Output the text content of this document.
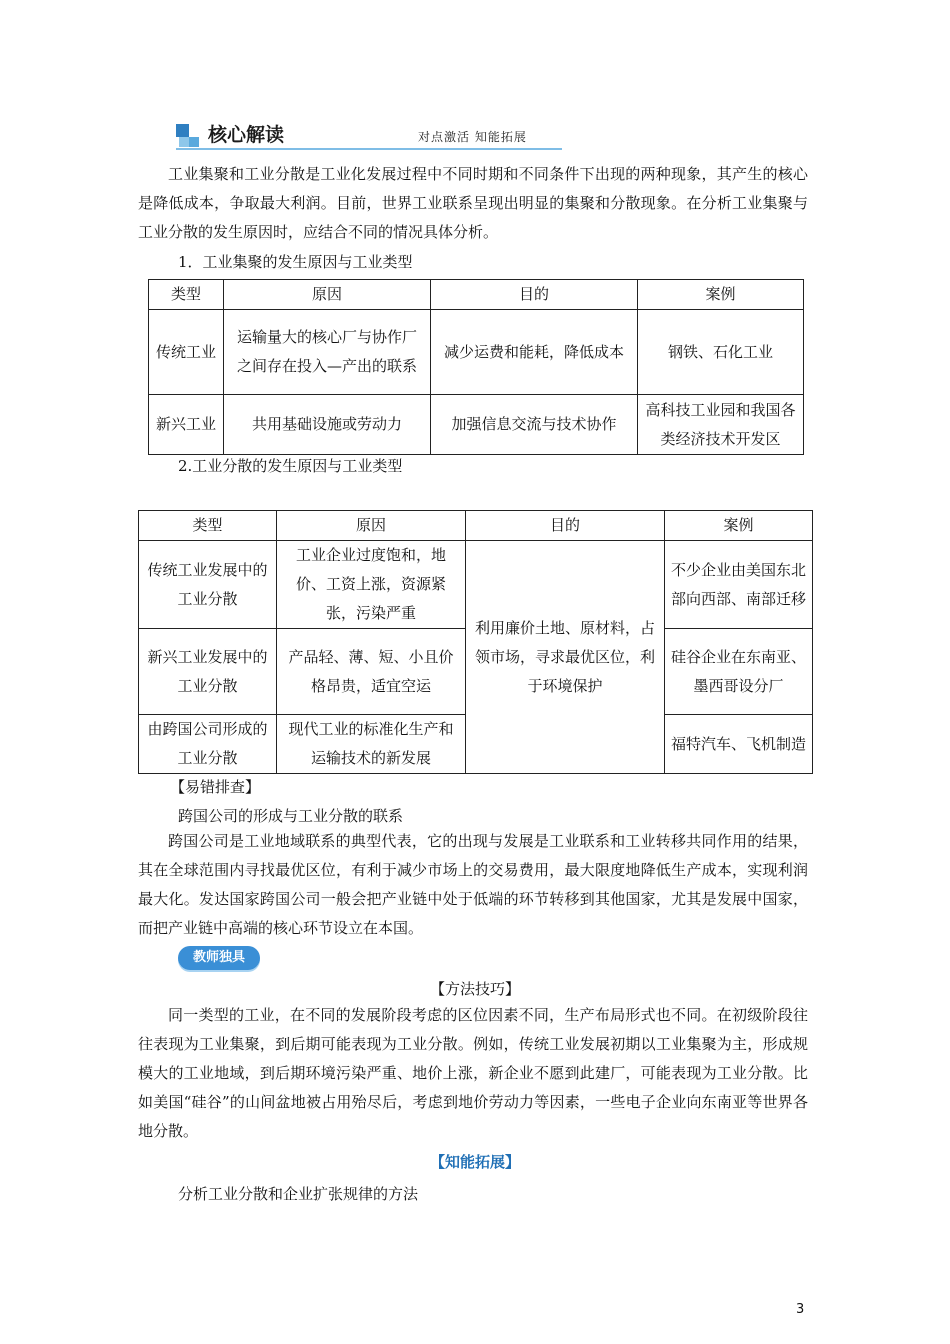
核心解读	对点激活 知能拓展
工业集聚和工业分散是工业化发展过程中不同时期和不同条件下出现的两种现象，其产生的核心是降低成本，争取最大利润。目前，世界工业联系呈现出明显的集聚和分散现象。在分析工业集聚与工业分散的发生原因时，应结合不同的情况具体分析。
1．工业集聚的发生原因与工业类型
类型	原因	目的	案例
传统工业	运输量大的核心厂与协作厂之间存在投入—产出的联系	减少运费和能耗，降低成本	钢铁、石化工业
新兴工业	共用基础设施或劳动力	加强信息交流与技术协作	高科技工业园和我国各类经济技术开发区
2.工业分散的发生原因与工业类型
类型	原因	目的	案例
传统工业发展中的工业分散	工业企业过度饱和，地价、工资上涨，资源紧张，污染严重	利用廉价土地、原材料，占领市场，寻求最优区位，利于环境保护	不少企业由美国东北部向西部、南部迁移
新兴工业发展中的工业分散	产品轻、薄、短、小且价格昂贵，适宜空运		硅谷企业在东南亚、墨西哥设分厂
由跨国公司形成的工业分散	现代工业的标准化生产和运输技术的新发展		福特汽车、飞机制造
【易错排查】
跨国公司的形成与工业分散的联系
跨国公司是工业地域联系的典型代表，它的出现与发展是工业联系和工业转移共同作用的结果，其在全球范围内寻找最优区位，有利于减少市场上的交易费用，最大限度地降低生产成本，实现利润最大化。发达国家跨国公司一般会把产业链中处于低端的环节转移到其他国家，尤其是发展中国家，而把产业链中高端的核心环节设立在本国。
教师独具
【方法技巧】
同一类型的工业，在不同的发展阶段考虑的区位因素不同，生产布局形式也不同。在初级阶段往往表现为工业集聚，到后期可能表现为工业分散。例如，传统工业发展初期以工业集聚为主，形成规模大的工业地域，到后期环境污染严重、地价上涨，新企业不愿到此建厂，可能表现为工业分散。比如美国“硅谷”的山间盆地被占用殆尽后，考虑到地价劳动力等因素，一些电子企业向东南亚等世界各地分散。
【知能拓展】
分析工业分散和企业扩张规律的方法
3
